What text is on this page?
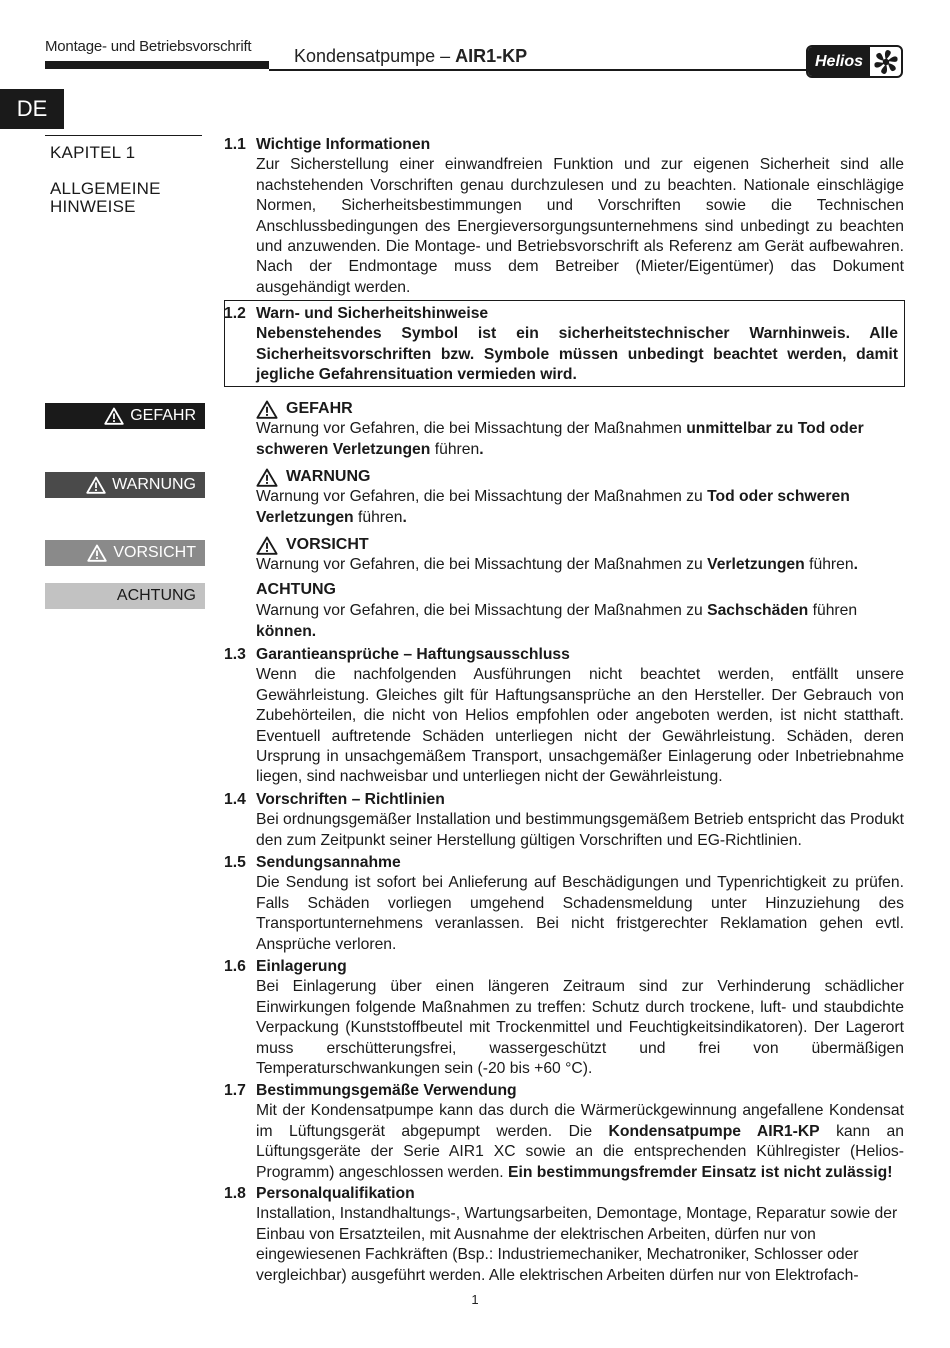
Montage- und Betriebsvorschrift Kondensatpumpe – AIR1-KP	Helios
DE
KAPITEL 1
ALLGEMEINE
HINWEISE
GEFAHR
WARNUNG
VORSICHT
ACHTUNG
1.1 Wichtige Informationen
Zur Sicherstellung einer einwandfreien Funktion und zur eigenen Sicherheit sind alle nachstehenden Vorschriften genau durchzulesen und zu beachten. Nationale einschlägige Normen, Sicherheitsbestimmungen und Vorschriften sowie die Technischen Anschlussbedingungen des Energieversorgungsunternehmens sind unbedingt zu beachten und anzuwenden. Die Montage- und Betriebsvorschrift als Referenz am Gerät aufbewahren. Nach der Endmontage muss dem Betreiber (Mieter/Eigentümer) das Dokument ausgehändigt werden.
1.2 Warn- und Sicherheitshinweise
Nebenstehendes Symbol ist ein sicherheitstechnischer Warnhinweis. Alle Sicherheitsvorschriften bzw. Symbole müssen unbedingt beachtet werden, damit jegliche Gefahrensituation vermieden wird.
GEFAHR
Warnung vor Gefahren, die bei Missachtung der Maßnahmen unmittelbar zu Tod oder schweren Verletzungen führen.
WARNUNG
Warnung vor Gefahren, die bei Missachtung der Maßnahmen zu Tod oder schweren Verletzungen führen.
VORSICHT
Warnung vor Gefahren, die bei Missachtung der Maßnahmen zu Verletzungen führen.
ACHTUNG
Warnung vor Gefahren, die bei Missachtung der Maßnahmen zu Sachschäden führen können.
1.3 Garantieansprüche – Haftungsausschluss
Wenn die nachfolgenden Ausführungen nicht beachtet werden, entfällt unsere Gewährleistung. Gleiches gilt für Haftungsansprüche an den Hersteller. Der Gebrauch von Zubehörteilen, die nicht von Helios empfohlen oder angeboten werden, ist nicht statthaft. Eventuell auftretende Schäden unterliegen nicht der Gewährleistung. Schäden, deren Ursprung in unsachgemäßem Transport, unsachgemäßer Einlagerung oder Inbetriebnahme liegen, sind nachweisbar und unterliegen nicht der Gewährleistung.
1.4 Vorschriften – Richtlinien
Bei ordnungsgemäßer Installation und bestimmungsgemäßem Betrieb entspricht das Produkt den zum Zeitpunkt seiner Herstellung gültigen Vorschriften und EG-Richtlinien.
1.5 Sendungsannahme
Die Sendung ist sofort bei Anlieferung auf Beschädigungen und Typenrichtigkeit zu prüfen. Falls Schäden vorliegen umgehend Schadensmeldung unter Hinzuziehung des Transportunternehmens veranlassen. Bei nicht fristgerechter Reklamation gehen evtl. Ansprüche verloren.
1.6 Einlagerung
Bei Einlagerung über einen längeren Zeitraum sind zur Verhinderung schädlicher Einwirkungen folgende Maßnahmen zu treffen: Schutz durch trockene, luft- und staubdichte Verpackung (Kunststoffbeutel mit Trockenmittel und Feuchtigkeitsindikatoren). Der Lagerort muss erschütterungsfrei, wassergeschützt und frei von übermäßigen Temperaturschwankungen sein (-20 bis +60 °C).
1.7 Bestimmungsgemäße Verwendung
Mit der Kondensatpumpe kann das durch die Wärmerückgewinnung angefallene Kondensat im Lüftungsgerät abgepumpt werden. Die Kondensatpumpe AIR1-KP kann an Lüftungsgeräte der Serie AIR1 XC sowie an die entsprechenden Kühlregister (Helios-Programm) angeschlossen werden. Ein bestimmungsfremder Einsatz ist nicht zulässig!
1.8 Personalqualifikation
Installation, Instandhaltungs-, Wartungsarbeiten, Demontage, Montage, Reparatur sowie der Einbau von Ersatzteilen, mit Ausnahme der elektrischen Arbeiten, dürfen nur von eingewiesenen Fachkräften (Bsp.: Industriemechaniker, Mechatroniker, Schlosser oder vergleichbar) ausgeführt werden. Alle elektrischen Arbeiten dürfen nur von Elektrofach-
1
